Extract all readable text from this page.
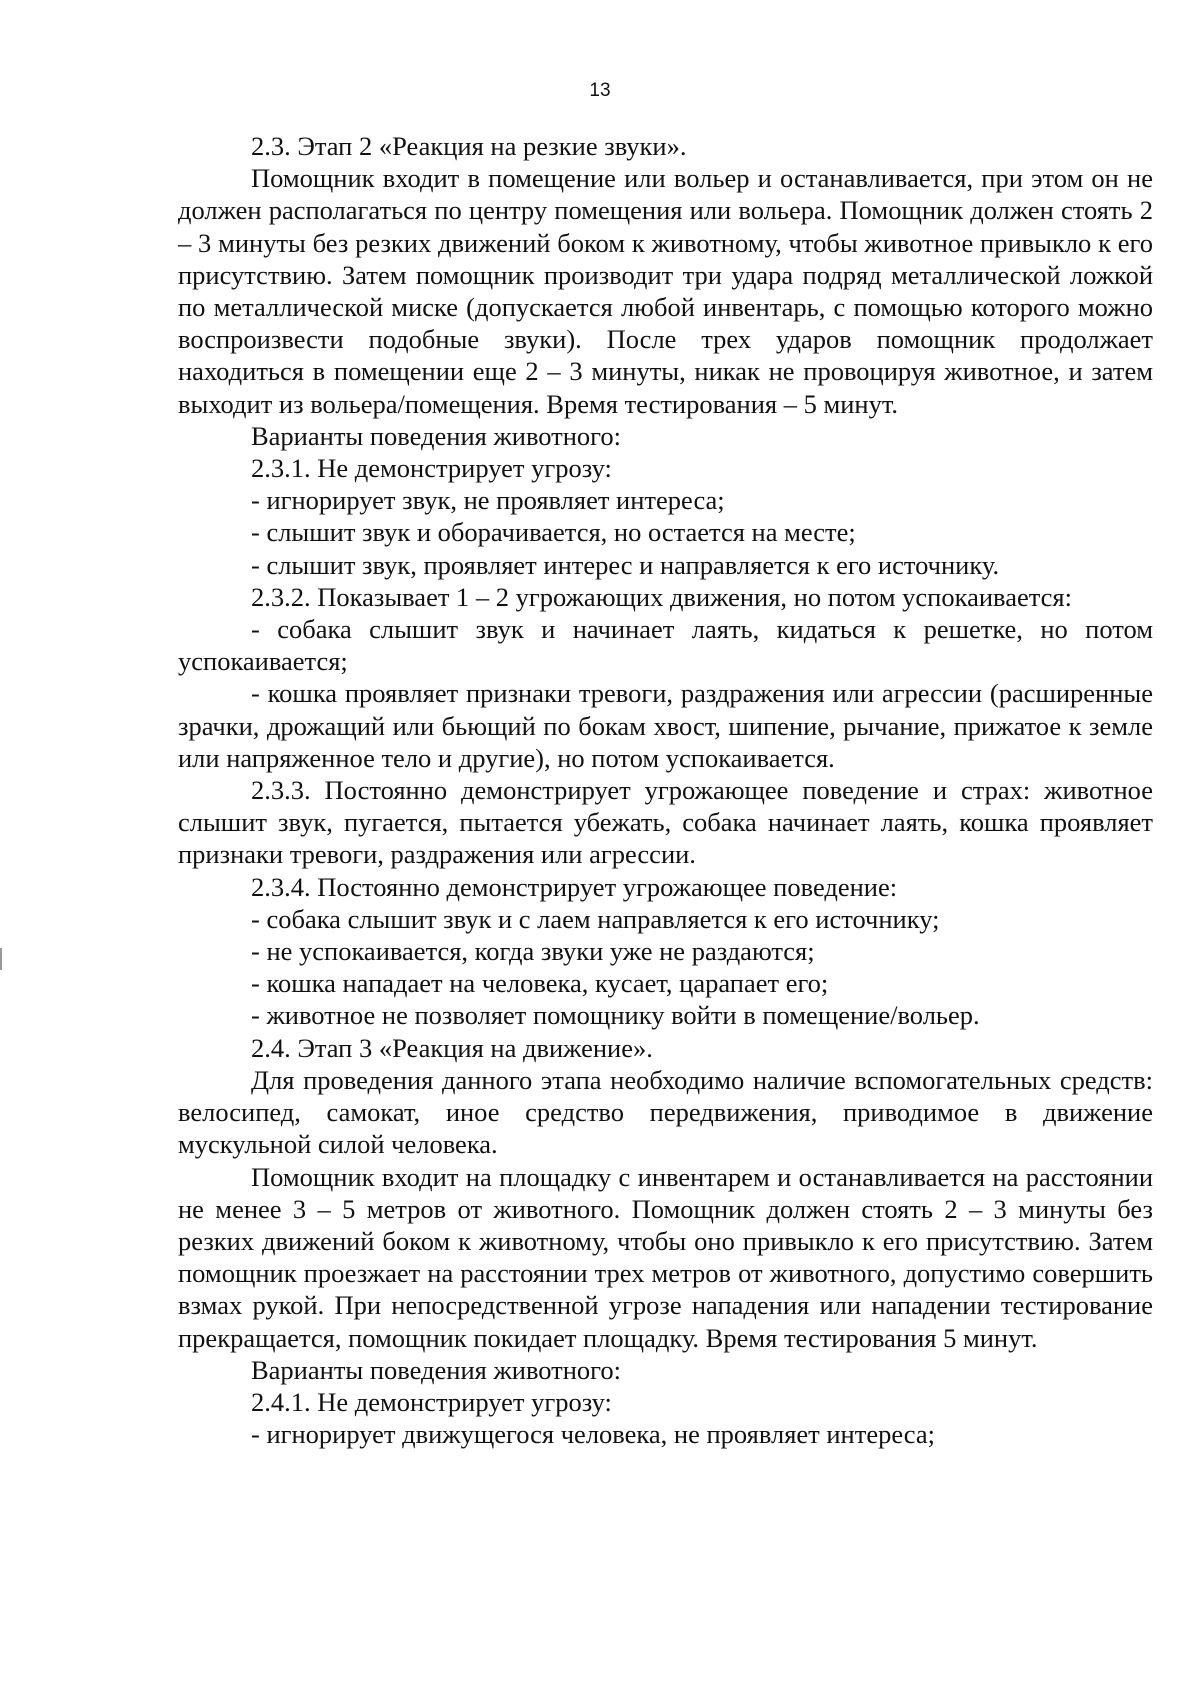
13

2.3. Этап 2 «Реакция на резкие звуки».

Помощник входит в помещение или вольер и останавливается, при этом он не должен располагаться по центру помещения или вольера. Помощник должен стоять 2 – 3 минуты без резких движений боком к животному, чтобы животное привыкло к его присутствию. Затем помощник производит три удара подряд металлической ложкой по металлической миске (допускается любой инвентарь, с помощью которого можно воспроизвести подобные звуки). После трех ударов помощник продолжает находиться в помещении еще 2 – 3 минуты, никак не провоцируя животное, и затем выходит из вольера/помещения. Время тестирования – 5 минут.

Варианты поведения животного:

2.3.1. Не демонстрирует угрозу:

- игнорирует звук, не проявляет интереса;

- слышит звук и оборачивается, но остается на месте;

- слышит звук, проявляет интерес и направляется к его источнику.

2.3.2. Показывает 1 – 2 угрожающих движения, но потом успокаивается:

- собака слышит звук и начинает лаять, кидаться к решетке, но потом успокаивается;

- кошка проявляет признаки тревоги, раздражения или агрессии (расширенные зрачки, дрожащий или бьющий по бокам хвост, шипение, рычание, прижатое к земле или напряженное тело и другие), но потом успокаивается.

2.3.3. Постоянно демонстрирует угрожающее поведение и страх: животное слышит звук, пугается, пытается убежать, собака начинает лаять, кошка проявляет признаки тревоги, раздражения или агрессии.

2.3.4. Постоянно демонстрирует угрожающее поведение:

- собака слышит звук и с лаем направляется к его источнику;

- не успокаивается, когда звуки уже не раздаются;

- кошка нападает на человека, кусает, царапает его;

- животное не позволяет помощнику войти в помещение/вольер.

2.4. Этап 3 «Реакция на движение».

Для проведения данного этапа необходимо наличие вспомогательных средств: велосипед, самокат, иное средство передвижения, приводимое в движение мускульной силой человека.

Помощник входит на площадку с инвентарем и останавливается на расстоянии не менее 3 – 5 метров от животного. Помощник должен стоять 2 – 3 минуты без резких движений боком к животному, чтобы оно привыкло к его присутствию. Затем помощник проезжает на расстоянии трех метров от животного, допустимо совершить взмах рукой. При непосредственной угрозе нападения или нападении тестирование прекращается, помощник покидает площадку. Время тестирования 5 минут.

Варианты поведения животного:

2.4.1. Не демонстрирует угрозу:

- игнорирует движущегося человека, не проявляет интереса;
